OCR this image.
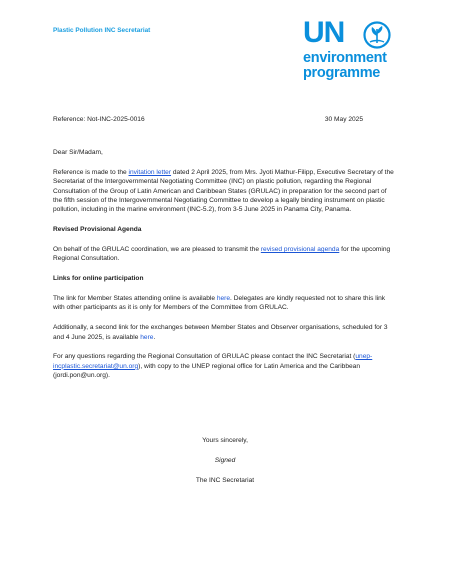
Plastic Pollution INC Secretariat	UN
environment
programme
Reference: Not-INC-2025-0016	30 May 2025

Dear Sir/Madam,

Reference is made to the invitation letter dated 2 April 2025, from Mrs. Jyoti Mathur-Filipp, Executive Secretary of the Secretariat of the Intergovernmental Negotiating Committee (INC) on plastic pollution, regarding the Regional Consultation of the Group of Latin American and Caribbean States (GRULAC) in preparation for the second part of the fifth session of the Intergovernmental Negotiating Committee to develop a legally binding instrument on plastic pollution, including in the marine environment (INC-5.2), from 3-5 June 2025 in Panama City, Panama.

Revised Provisional Agenda

On behalf of the GRULAC coordination, we are pleased to transmit the revised provisional agenda for the upcoming Regional Consultation.

Links for online participation

The link for Member States attending online is available here. Delegates are kindly requested not to share this link with other participants as it is only for Members of the Committee from GRULAC.

Additionally, a second link for the exchanges between Member States and Observer organisations, scheduled for 3 and 4 June 2025, is available here.

For any questions regarding the Regional Consultation of GRULAC please contact the INC Secretariat (unep-incplastic.secretariat@un.org), with copy to the UNEP regional office for Latin America and the Caribbean (jordi.pon@un.org).

Yours sincerely,
Signed
The INC Secretariat
